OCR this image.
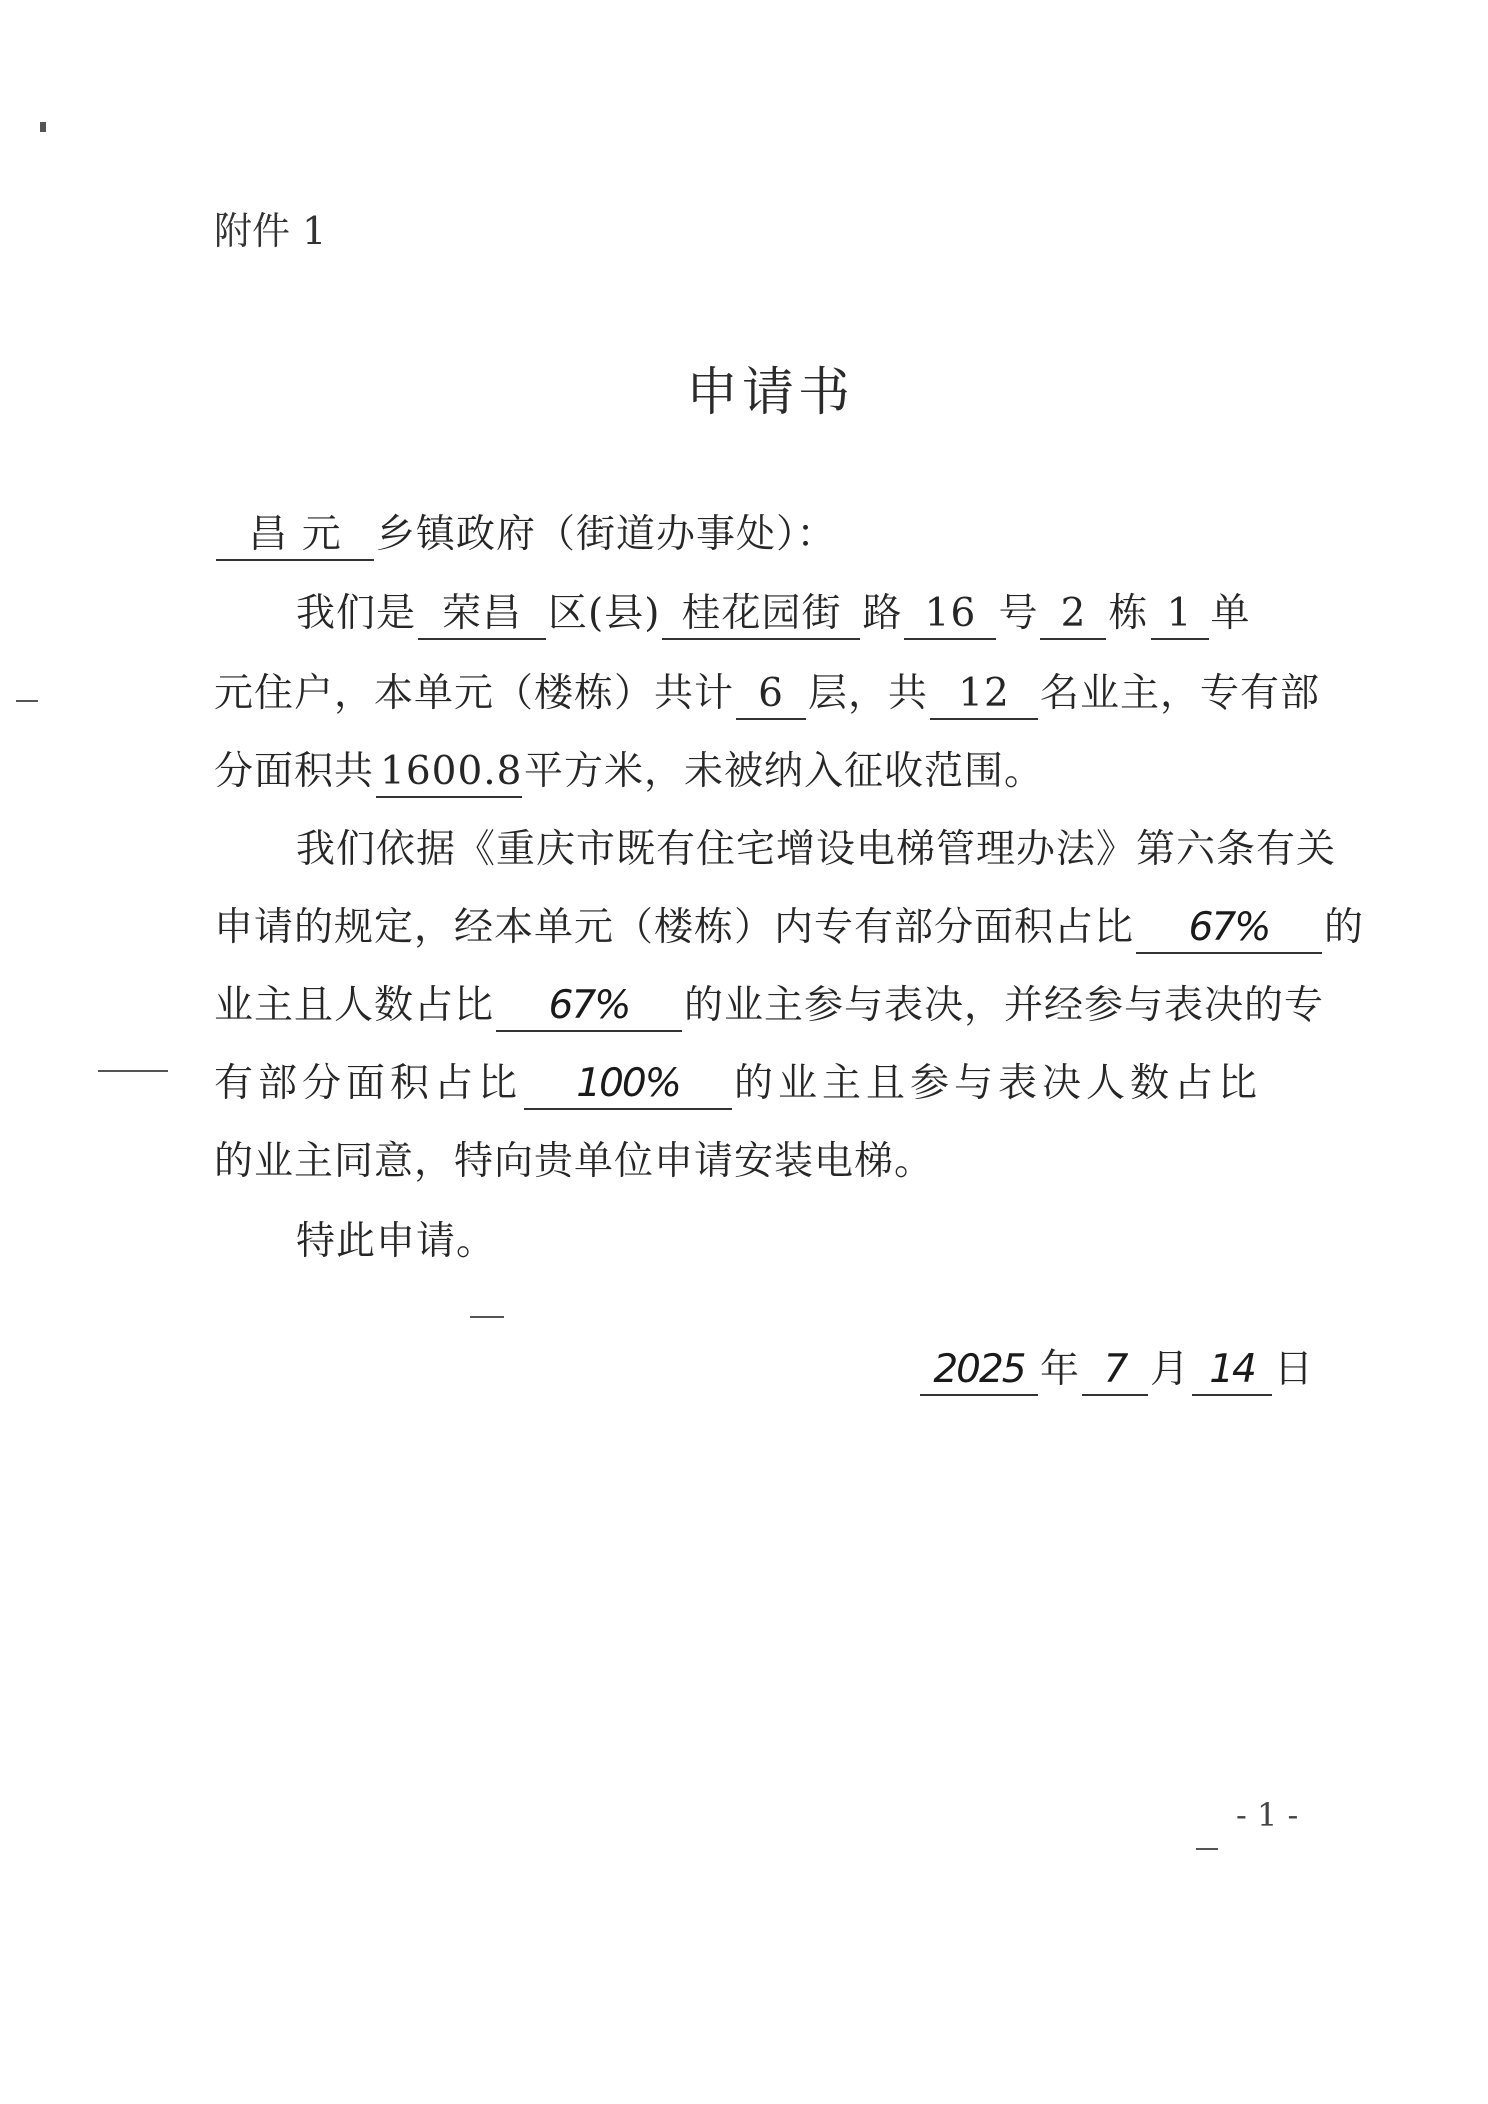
附件 1
申请书
昌 元 乡镇政府（街道办事处）：
我们是 荣昌 区(县) 桂花园街 路 16 号 2 栋 1 单
元住户，本单元（楼栋）共计 6 层，共 12 名业主，专有部
分面积共 1600.8平方米，未被纳入征收范围。
我们依据《重庆市既有住宅增设电梯管理办法》第六条有关
申请的规定，经本单元（楼栋）内专有部分面积占比 67% 的
业主且人数占比 67% 的业主参与表决，并经参与表决的专
有部分面积占比 100% 的业主且参与表决人数占比
的业主同意，特向贵单位申请安装电梯。
特此申请。
2025 年 7 月 14 日
- 1 -
